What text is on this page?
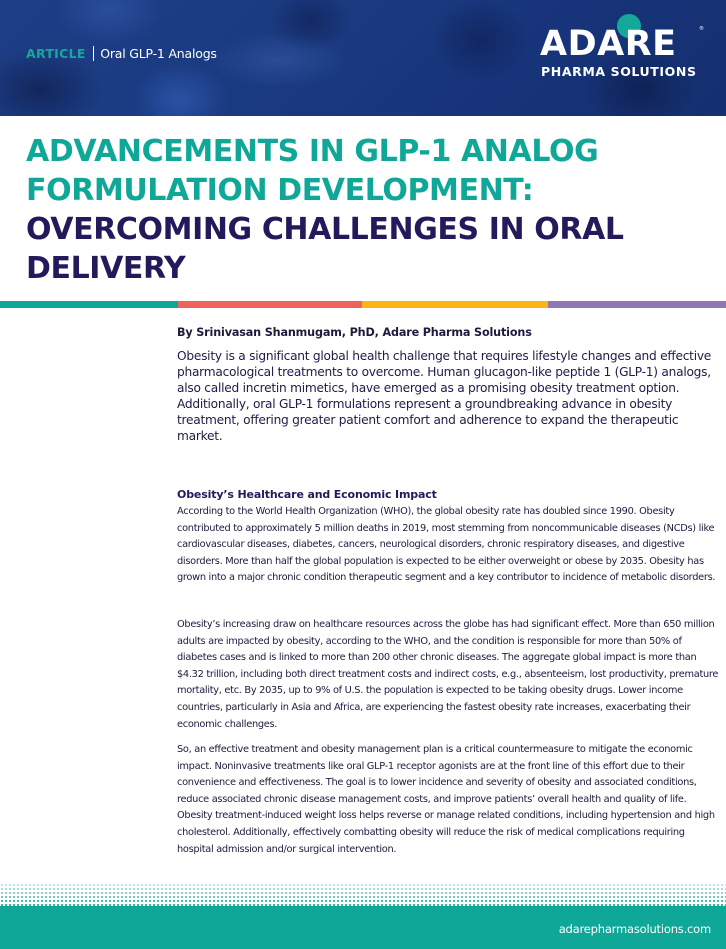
ARTICLE Oral GLP-1 Analogs	ADARE	®
PHARMA SOLUTIONS
ADVANCEMENTS IN GLP-1 ANALOG
FORMULATION DEVELOPMENT:
OVERCOMING CHALLENGES IN ORAL
DELIVERY
By Srinivasan Shanmugam, PhD, Adare Pharma Solutions

Obesity is a significant global health challenge that requires lifestyle changes and effective pharmacological treatments to overcome. Human glucagon-like peptide 1 (GLP-1) analogs, also called incretin mimetics, have emerged as a promising obesity treatment option. Additionally, oral GLP-1 formulations represent a groundbreaking advance in obesity treatment, offering greater patient comfort and adherence to expand the therapeutic market.

Obesity’s Healthcare and Economic Impact

According to the World Health Organization (WHO), the global obesity rate has doubled since 1990. Obesity contributed to approximately 5 million deaths in 2019, most stemming from noncommunicable diseases (NCDs) like cardiovascular diseases, diabetes, cancers, neurological disorders, chronic respiratory diseases, and digestive disorders. More than half the global population is expected to be either overweight or obese by 2035. Obesity has grown into a major chronic condition therapeutic segment and a key contributor to incidence of metabolic disorders.

Obesity’s increasing draw on healthcare resources across the globe has had significant effect. More than 650 million adults are impacted by obesity, according to the WHO, and the condition is responsible for more than 50% of diabetes cases and is linked to more than 200 other chronic diseases. The aggregate global impact is more than $4.32 trillion, including both direct treatment costs and indirect costs, e.g., absenteeism, lost productivity, premature mortality, etc. By 2035, up to 9% of U.S. the population is expected to be taking obesity drugs. Lower income countries, particularly in Asia and Africa, are experiencing the fastest obesity rate increases, exacerbating their economic challenges.

So, an effective treatment and obesity management plan is a critical countermeasure to mitigate the economic impact. Noninvasive treatments like oral GLP-1 receptor agonists are at the front line of this effort due to their convenience and effectiveness. The goal is to lower incidence and severity of obesity and associated conditions, reduce associated chronic disease management costs, and improve patients’ overall health and quality of life. Obesity treatment-induced weight loss helps reverse or manage related conditions, including hypertension and high cholesterol. Additionally, effectively combatting obesity will reduce the risk of medical complications requiring hospital admission and/or surgical intervention.

adarepharmasolutions.com
